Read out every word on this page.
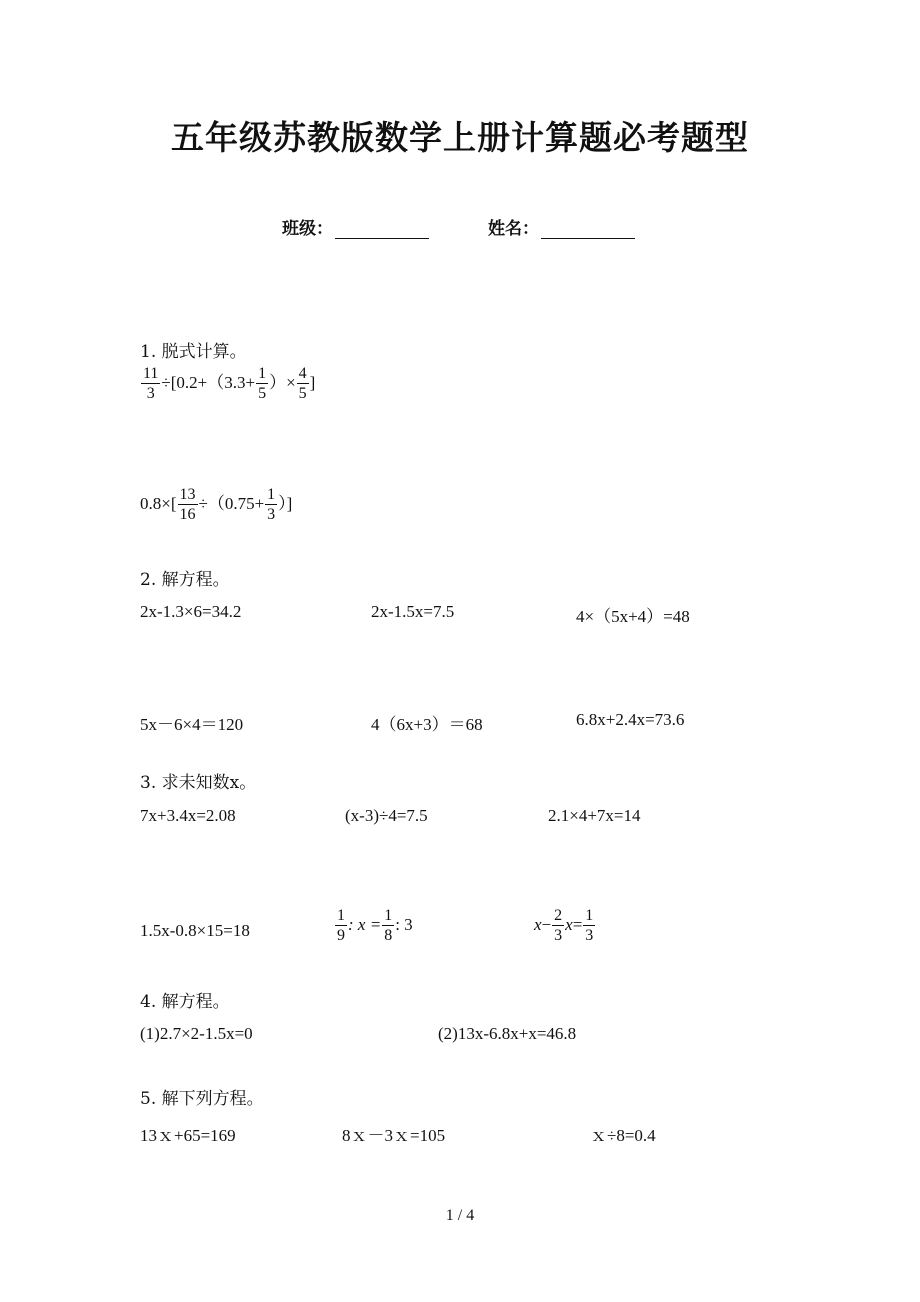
五年级苏教版数学上册计算题必考题型
班级：	姓名：
1. 脱式计算。
$\frac{11}{3} \div[0.2+(3.3+ \frac{1}{5}$ ）× $\frac{4}{5}$ ]
$0.8\times[ \frac{13}{16} \div(0.75+ \frac{1}{3}$ ）]
2. 解方程。
2x-1.3×6=34.2	2x-1.5x=7.5	4×（5x+4）=48
5x－6×4＝120	4（6x+3）＝68	6.8x+2.4x=73.6
3. 求未知数x。
7x+3.4x=2.08	(x-3)÷4=7.5	2.1×4+7x=14
1.5x-0.8×15=18	$\frac{1}{9}$ : $x = \frac{1}{8}$ : 3	$x- \frac{2}{3} x= \frac{1}{3}$
4. 解方程。
(1)2.7×2-1.5x=0	(2)13x-6.8x+x=46.8
5. 解下列方程。
13ｘ+65=169	8ｘ－3ｘ=105	ｘ÷8=0.4
1 / 4
